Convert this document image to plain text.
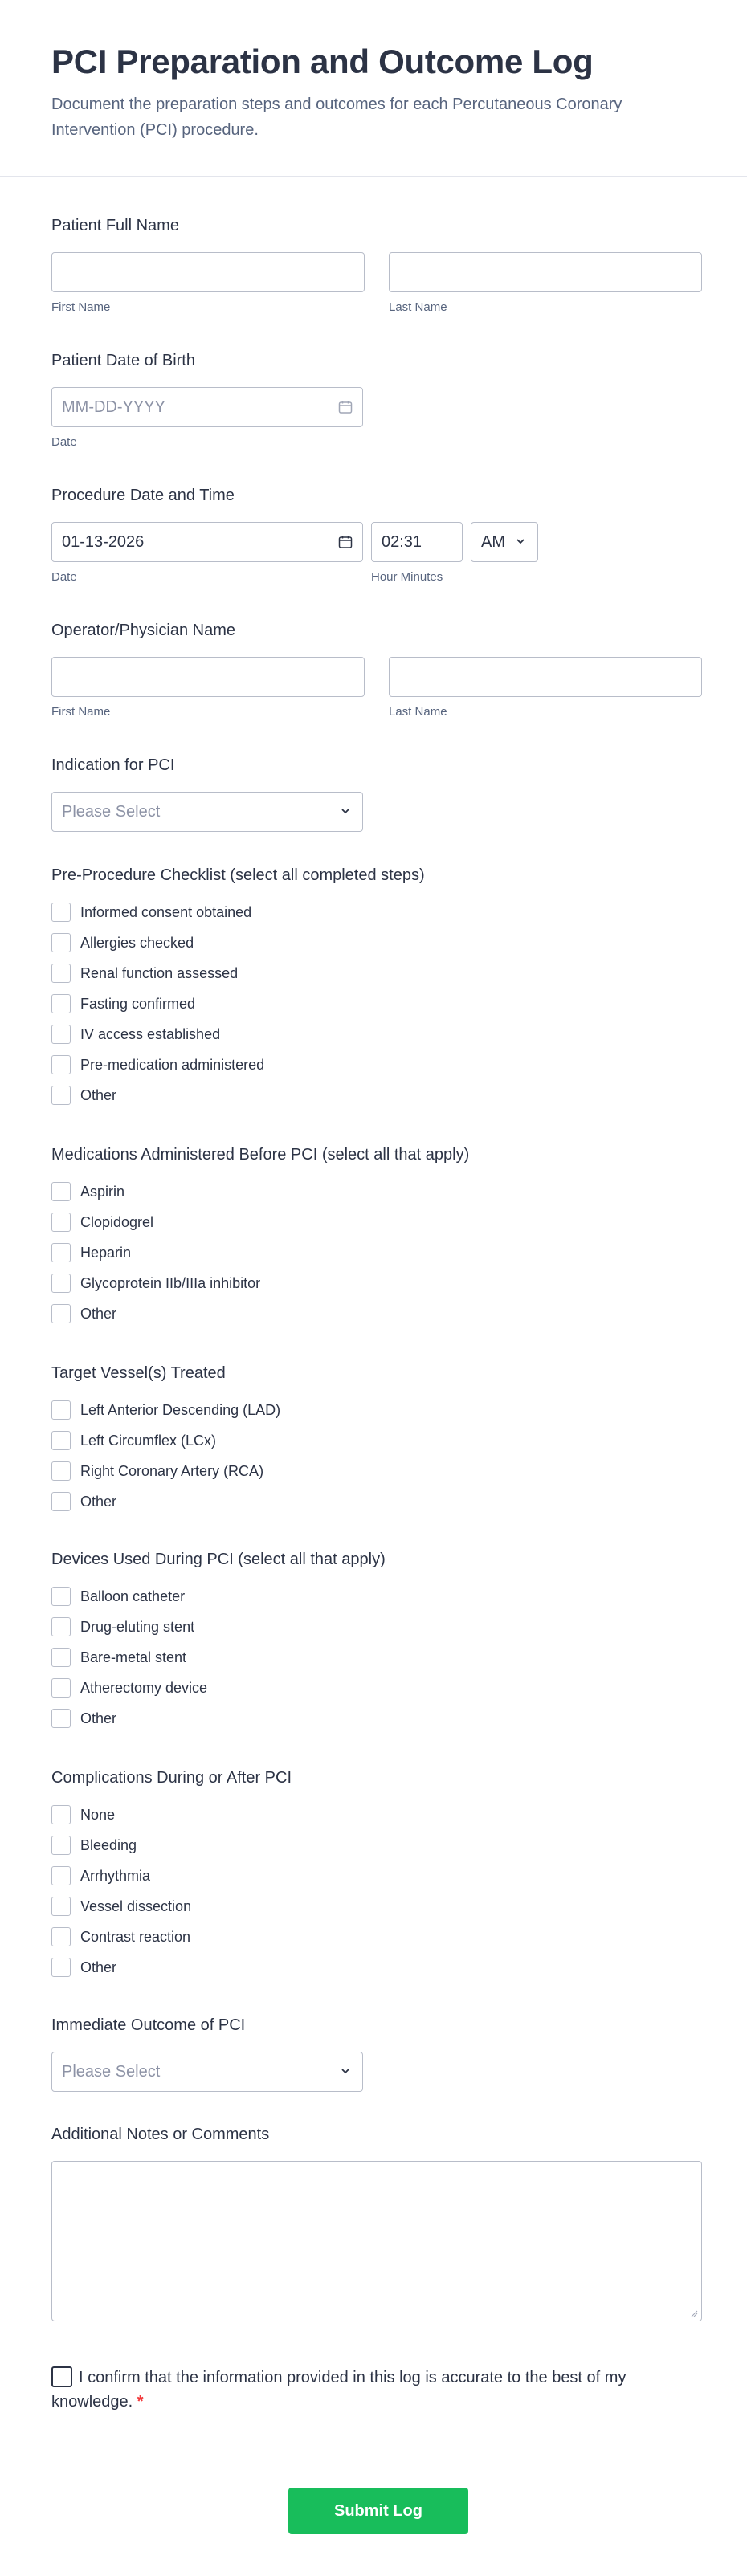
PCI Preparation and Outcome Log

Document the preparation steps and outcomes for each Percutaneous Coronary Intervention (PCI) procedure.

Patient Full Name
First Name	Last Name
Patient Date of Birth
MM-DD-YYYY
Date
Procedure Date and Time
01-13-2026
Date
02:31
Hour Minutes
AM
Operator/Physician Name
First Name	Last Name
Indication for PCI
Please Select
Pre-Procedure Checklist (select all completed steps)
Informed consent obtained
Allergies checked
Renal function assessed
Fasting confirmed
IV access established
Pre-medication administered
Other
Medications Administered Before PCI (select all that apply)
Aspirin
Clopidogrel
Heparin
Glycoprotein IIb/IIIa inhibitor
Other
Target Vessel(s) Treated
Left Anterior Descending (LAD)
Left Circumflex (LCx)
Right Coronary Artery (RCA)
Other
Devices Used During PCI (select all that apply)
Balloon catheter
Drug-eluting stent
Bare-metal stent
Atherectomy device
Other
Complications During or After PCI
None
Bleeding
Arrhythmia
Vessel dissection
Contrast reaction
Other
Immediate Outcome of PCI
Please Select
Additional Notes or Comments
I confirm that the information provided in this log is accurate to the best of my knowledge. *
Submit Log
